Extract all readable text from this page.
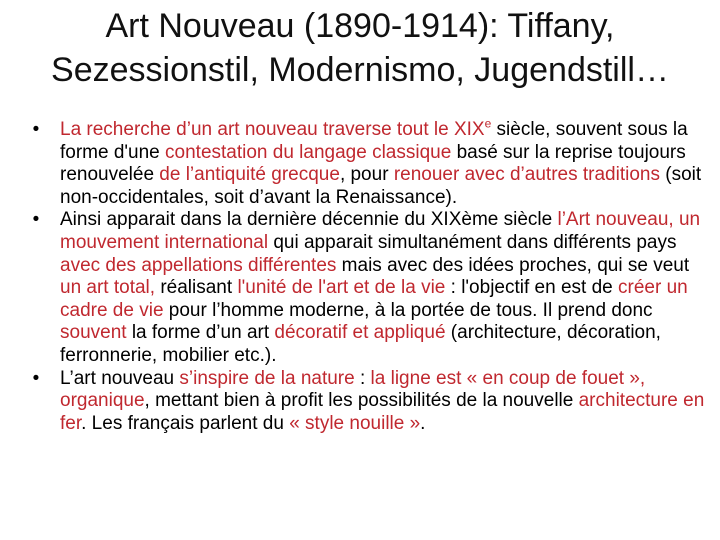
Art Nouveau (1890-1914): Tiffany,
Sezessionstil, Modernismo, Jugendstill…
• La recherche d’un art nouveau traverse tout le XIXe siècle, souvent sous la forme d'une contestation du langage classique basé sur la reprise toujours renouvelée de l’antiquité grecque, pour renouer avec d’autres traditions (soit non-occidentales, soit d’avant la Renaissance).
• Ainsi apparait dans la dernière décennie du XIXème siècle l’Art nouveau, un mouvement international qui apparait simultanément dans différents pays avec des appellations différentes mais avec des idées proches, qui se veut un art total, réalisant l'unité de l'art et de la vie : l'objectif en est de créer un cadre de vie pour l’homme moderne, à la portée de tous. Il prend donc souvent la forme d’un art décoratif et appliqué (architecture, décoration, ferronnerie, mobilier etc.).
• L’art nouveau s’inspire de la nature : la ligne est « en coup de fouet », organique, mettant bien à profit les possibilités de la nouvelle architecture en fer. Les français parlent du « style nouille ».
